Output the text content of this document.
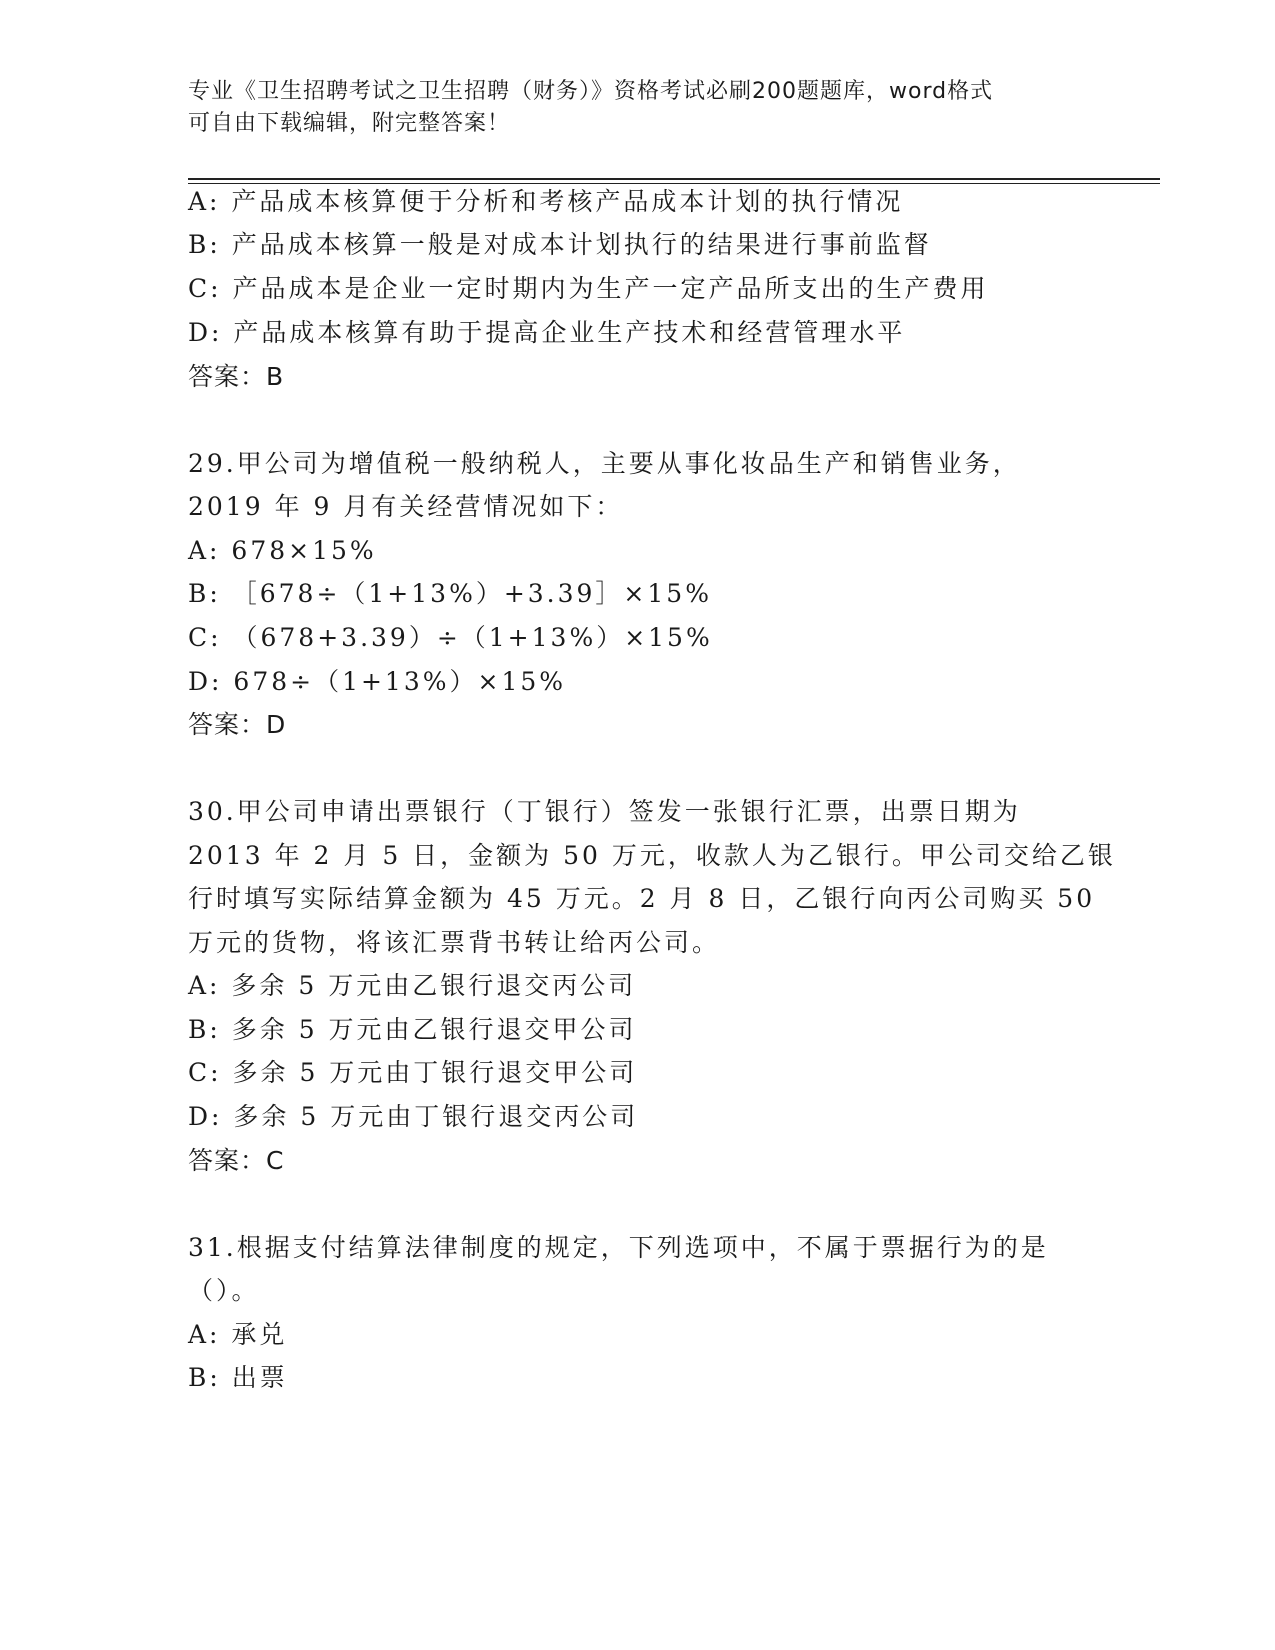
专业《卫生招聘考试之卫生招聘（财务）》资格考试必刷200题题库，word格式
可自由下载编辑，附完整答案！
A: 产品成本核算便于分析和考核产品成本计划的执行情况
B: 产品成本核算一般是对成本计划执行的结果进行事前监督
C: 产品成本是企业一定时期内为生产一定产品所支出的生产费用
D: 产品成本核算有助于提高企业生产技术和经营管理水平
答案：B
29.甲公司为增值税一般纳税人，主要从事化妆品生产和销售业务，
2019 年 9 月有关经营情况如下：
A: 678×15%
B: ［678÷（1+13%）+3.39］×15%
C: （678+3.39）÷（1+13%）×15%
D: 678÷（1+13%）×15%
答案：D
30.甲公司申请出票银行（丁银行）签发一张银行汇票，出票日期为
2013 年 2 月 5 日，金额为 50 万元，收款人为乙银行。甲公司交给乙银
行时填写实际结算金额为 45 万元。2 月 8 日，乙银行向丙公司购买 50
万元的货物，将该汇票背书转让给丙公司。
A: 多余 5 万元由乙银行退交丙公司
B: 多余 5 万元由乙银行退交甲公司
C: 多余 5 万元由丁银行退交甲公司
D: 多余 5 万元由丁银行退交丙公司
答案：C
31.根据支付结算法律制度的规定，下列选项中，不属于票据行为的是
（）。
A: 承兑
B: 出票
